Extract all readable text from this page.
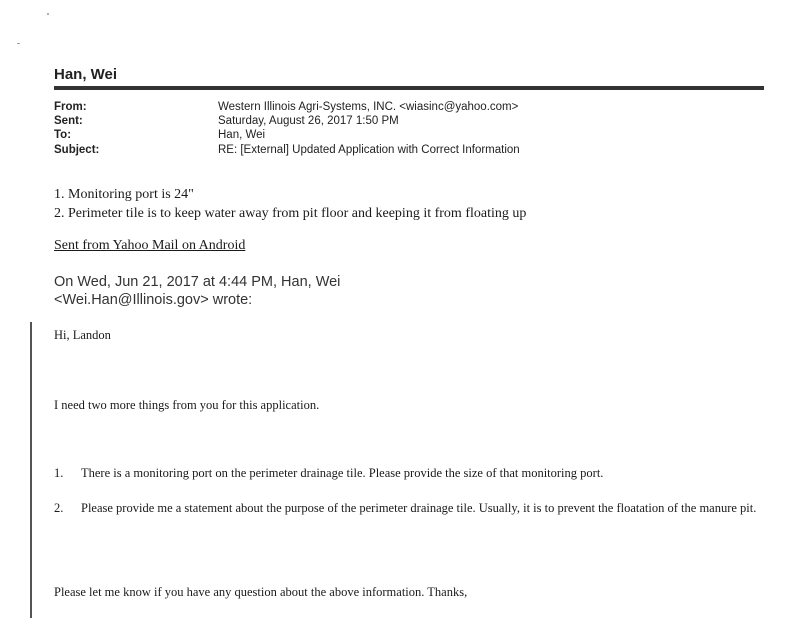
Han, Wei
From:	Western Illinois Agri-Systems, INC. <wiasinc@yahoo.com>
Sent:	Saturday, August 26, 2017 1:50 PM
To:	Han, Wei
Subject:	RE: [External] Updated Application with Correct Information
1. Monitoring port is 24"
2. Perimeter tile is to keep water away from pit floor and keeping it from floating up
Sent from Yahoo Mail on Android
On Wed, Jun 21, 2017 at 4:44 PM, Han, Wei
<Wei.Han@Illinois.gov> wrote:
Hi, Landon
I need two more things from you for this application.
1. There is a monitoring port on the perimeter drainage tile. Please provide the size of that monitoring port.
2.	Please provide me a statement about the purpose of the perimeter drainage tile. Usually, it is to prevent the floatation of the manure pit.
Please let me know if you have any question about the above information. Thanks,
